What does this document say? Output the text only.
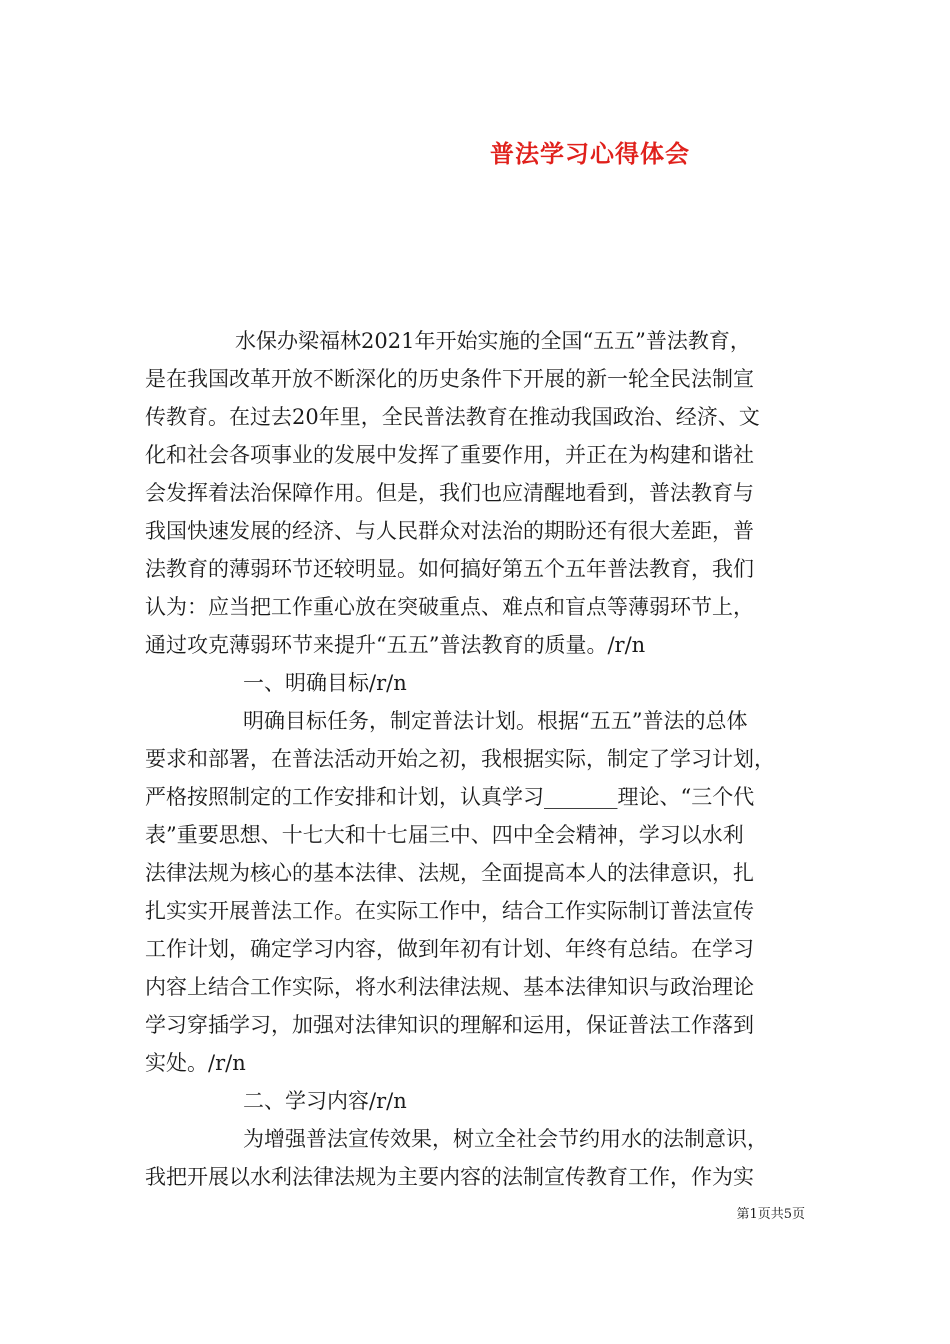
普法学习心得体会
水保办梁福林2021年开始实施的全国“五五”普法教育，
是在我国改革开放不断深化的历史条件下开展的新一轮全民法制宣
传教育。在过去20年里，全民普法教育在推动我国政治、经济、文
化和社会各项事业的发展中发挥了重要作用，并正在为构建和谐社
会发挥着法治保障作用。但是，我们也应清醒地看到，普法教育与
我国快速发展的经济、与人民群众对法治的期盼还有很大差距，普
法教育的薄弱环节还较明显。如何搞好第五个五年普法教育，我们
认为：应当把工作重心放在突破重点、难点和盲点等薄弱环节上，
通过攻克薄弱环节来提升“五五”普法教育的质量。/r/n
一、明确目标/r/n
明确目标任务，制定普法计划。根据“五五”普法的总体
要求和部署，在普法活动开始之初，我根据实际，制定了学习计划，
严格按照制定的工作安排和计划，认真学习_______理论、“三个代
表”重要思想、十七大和十七届三中、四中全会精神，学习以水利
法律法规为核心的基本法律、法规，全面提高本人的法律意识，扎
扎实实开展普法工作。在实际工作中，结合工作实际制订普法宣传
工作计划，确定学习内容，做到年初有计划、年终有总结。在学习
内容上结合工作实际，将水利法律法规、基本法律知识与政治理论
学习穿插学习，加强对法律知识的理解和运用，保证普法工作落到
实处。/r/n
二、学习内容/r/n
为增强普法宣传效果，树立全社会节约用水的法制意识，
我把开展以水利法律法规为主要内容的法制宣传教育工作，作为实
第1页共5页
